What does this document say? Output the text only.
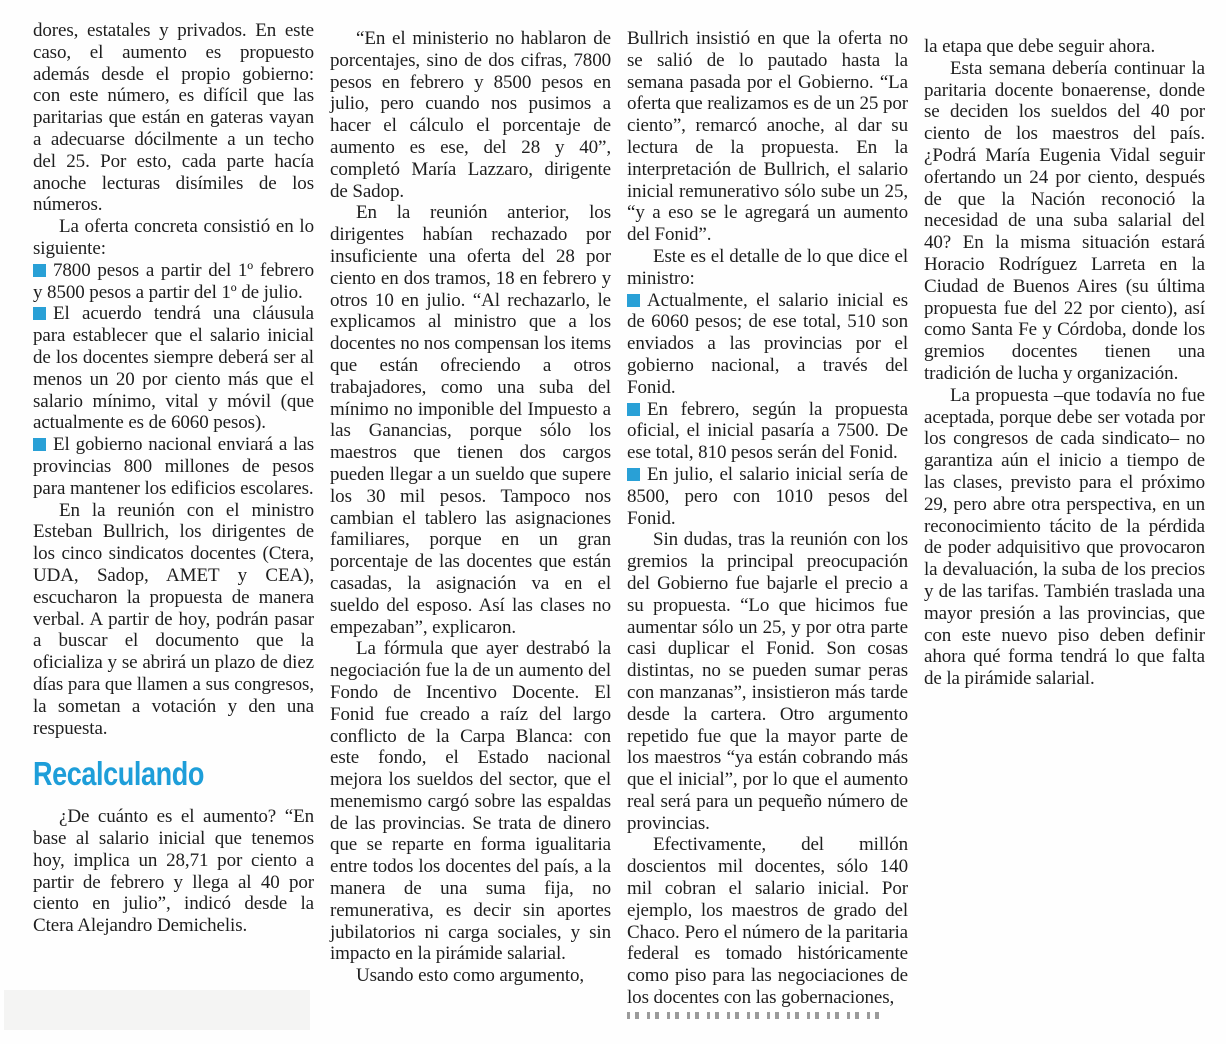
dores, estatales y privados. En este caso, el aumento es propuesto además desde el propio gobierno: con este número, es difícil que las paritarias que están en gateras vayan a adecuarse dócilmente a un techo del 25. Por esto, cada parte hacía anoche lecturas disímiles de los números.

La oferta concreta consistió en lo siguiente:

7800 pesos a partir del 1º febrero y 8500 pesos a partir del 1º de julio.

El acuerdo tendrá una cláusula para establecer que el salario inicial de los docentes siempre deberá ser al menos un 20 por ciento más que el salario mínimo, vital y móvil (que actualmente es de 6060 pesos).

El gobierno nacional enviará a las provincias 800 millones de pesos para mantener los edificios escolares.

En la reunión con el ministro Esteban Bullrich, los dirigentes de los cinco sindicatos docentes (Ctera, UDA, Sadop, AMET y CEA), escucharon la propuesta de manera verbal. A partir de hoy, podrán pasar a buscar el documento que la oficializa y se abrirá un plazo de diez días para que llamen a sus congresos, la sometan a votación y den una respuesta.

Recalculando

¿De cuánto es el aumento? “En base al salario inicial que tenemos hoy, implica un 28,71 por ciento a partir de febrero y llega al 40 por ciento en julio”, indicó desde la Ctera Alejandro Demichelis.

“En el ministerio no hablaron de porcentajes, sino de dos cifras, 7800 pesos en febrero y 8500 pesos en julio, pero cuando nos pusimos a hacer el cálculo el porcentaje de aumento es ese, del 28 y 40”, completó María Lazzaro, dirigente de Sadop.

En la reunión anterior, los dirigentes habían rechazado por insuficiente una oferta del 28 por ciento en dos tramos, 18 en febrero y otros 10 en julio. “Al rechazarlo, le explicamos al ministro que a los docentes no nos compensan los items que están ofreciendo a otros trabajadores, como una suba del mínimo no imponible del Impuesto a las Ganancias, porque sólo los maestros que tienen dos cargos pueden llegar a un sueldo que supere los 30 mil pesos. Tampoco nos cambian el tablero las asignaciones familiares, porque en un gran porcentaje de las docentes que están casadas, la asignación va en el sueldo del esposo. Así las clases no empezaban”, explicaron.

La fórmula que ayer destrabó la negociación fue la de un aumento del Fondo de Incentivo Docente. El Fonid fue creado a raíz del largo conflicto de la Carpa Blanca: con este fondo, el Estado nacional mejora los sueldos del sector, que el menemismo cargó sobre las espaldas de las provincias. Se trata de dinero que se reparte en forma igualitaria entre todos los docentes del país, a la manera de una suma fija, no remunerativa, es decir sin aportes jubilatorios ni carga sociales, y sin impacto en la pirámide salarial.

Usando esto como argumento,

Bullrich insistió en que la oferta no se salió de lo pautado hasta la semana pasada por el Gobierno. “La oferta que realizamos es de un 25 por ciento”, remarcó anoche, al dar su lectura de la propuesta. En la interpretación de Bullrich, el salario inicial remunerativo sólo sube un 25, “y a eso se le agregará un aumento del Fonid”.

Este es el detalle de lo que dice el ministro:

Actualmente, el salario inicial es de 6060 pesos; de ese total, 510 son enviados a las provincias por el gobierno nacional, a través del Fonid.

En febrero, según la propuesta oficial, el inicial pasaría a 7500. De ese total, 810 pesos serán del Fonid.

En julio, el salario inicial sería de 8500, pero con 1010 pesos del Fonid.

Sin dudas, tras la reunión con los gremios la principal preocupación del Gobierno fue bajarle el precio a su propuesta. “Lo que hicimos fue aumentar sólo un 25, y por otra parte casi duplicar el Fonid. Son cosas distintas, no se pueden sumar peras con manzanas”, insistieron más tarde desde la cartera. Otro argumento repetido fue que la mayor parte de los maestros “ya están cobrando más que el inicial”, por lo que el aumento real será para un pequeño número de provincias.

Efectivamente, del millón doscientos mil docentes, sólo 140 mil cobran el salario inicial. Por ejemplo, los maestros de grado del Chaco. Pero el número de la paritaria federal es tomado históricamente como piso para las negociaciones de los docentes con las gobernaciones,

la etapa que debe seguir ahora.

Esta semana debería continuar la paritaria docente bonaerense, donde se deciden los sueldos del 40 por ciento de los maestros del país. ¿Podrá María Eugenia Vidal seguir ofertando un 24 por ciento, después de que la Nación reconoció la necesidad de una suba salarial del 40? En la misma situación estará Horacio Rodríguez Larreta en la Ciudad de Buenos Aires (su última propuesta fue del 22 por ciento), así como Santa Fe y Córdoba, donde los gremios docentes tienen una tradición de lucha y organización.

La propuesta –que todavía no fue aceptada, porque debe ser votada por los congresos de cada sindicato– no garantiza aún el inicio a tiempo de las clases, previsto para el próximo 29, pero abre otra perspectiva, en un reconocimiento tácito de la pérdida de poder adquisitivo que provocaron la devaluación, la suba de los precios y de las tarifas. También traslada una mayor presión a las provincias, que con este nuevo piso deben definir ahora qué forma tendrá lo que falta de la pirámide salarial.
